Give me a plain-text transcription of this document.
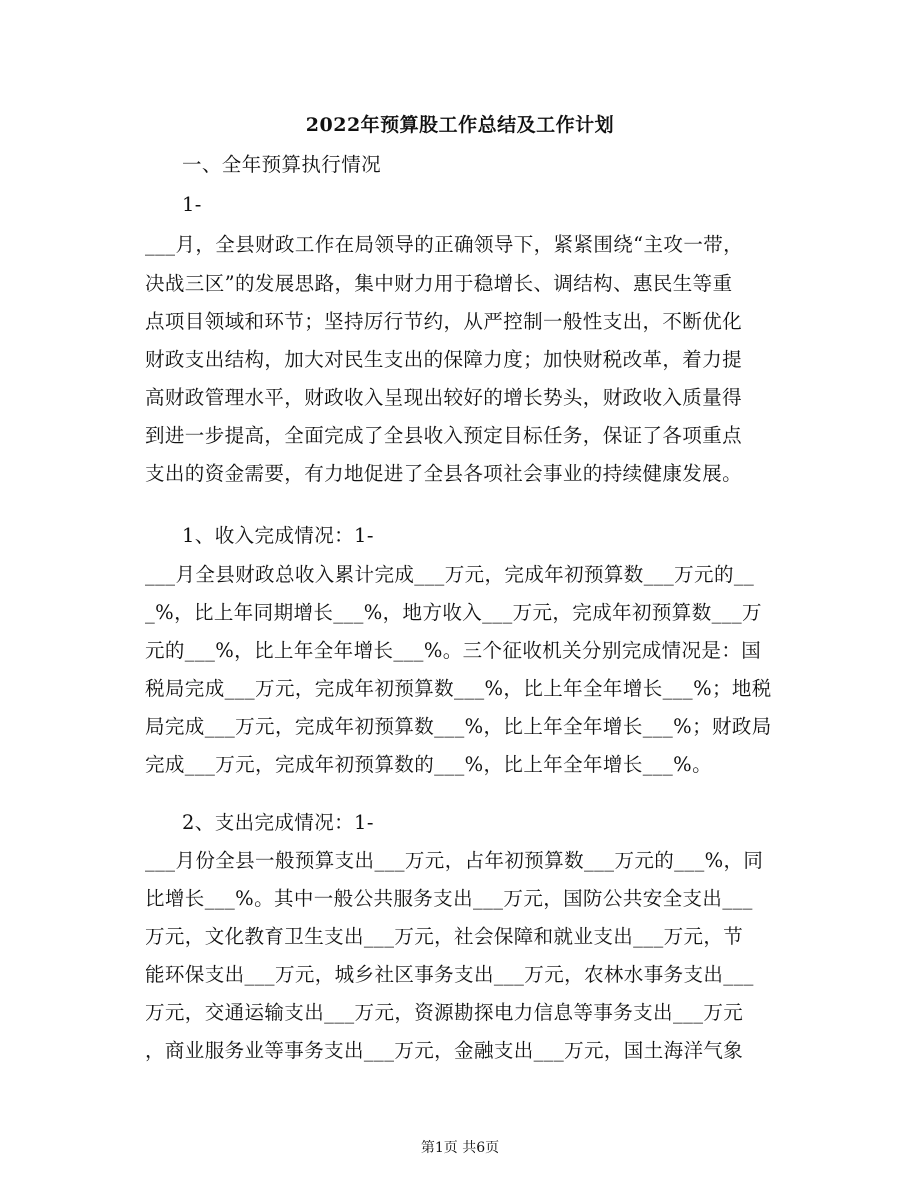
2022年预算股工作总结及工作计划
一、全年预算执行情况
1-
___月，全县财政工作在局领导的正确领导下，紧紧围绕“主攻一带，
决战三区”的发展思路，集中财力用于稳增长、调结构、惠民生等重
点项目领域和环节；坚持厉行节约，从严控制一般性支出，不断优化
财政支出结构，加大对民生支出的保障力度；加快财税改革，着力提
高财政管理水平，财政收入呈现出较好的增长势头，财政收入质量得
到进一步提高，全面完成了全县收入预定目标任务，保证了各项重点
支出的资金需要，有力地促进了全县各项社会事业的持续健康发展。
1、收入完成情况：1-
___月全县财政总收入累计完成___万元，完成年初预算数___万元的__
_%，比上年同期增长___%，地方收入___万元，完成年初预算数___万
元的___%，比上年全年增长___%。三个征收机关分别完成情况是：国
税局完成___万元，完成年初预算数___%，比上年全年增长___%；地税
局完成___万元，完成年初预算数___%，比上年全年增长___%；财政局
完成___万元，完成年初预算数的___%，比上年全年增长___%。
2、支出完成情况：1-
___月份全县一般预算支出___万元，占年初预算数___万元的___%，同
比增长___%。其中一般公共服务支出___万元，国防公共安全支出___
万元，文化教育卫生支出___万元，社会保障和就业支出___万元，节
能环保支出___万元，城乡社区事务支出___万元，农林水事务支出___
万元，交通运输支出___万元，资源勘探电力信息等事务支出___万元
，商业服务业等事务支出___万元，金融支出___万元，国土海洋气象
第1页 共6页
